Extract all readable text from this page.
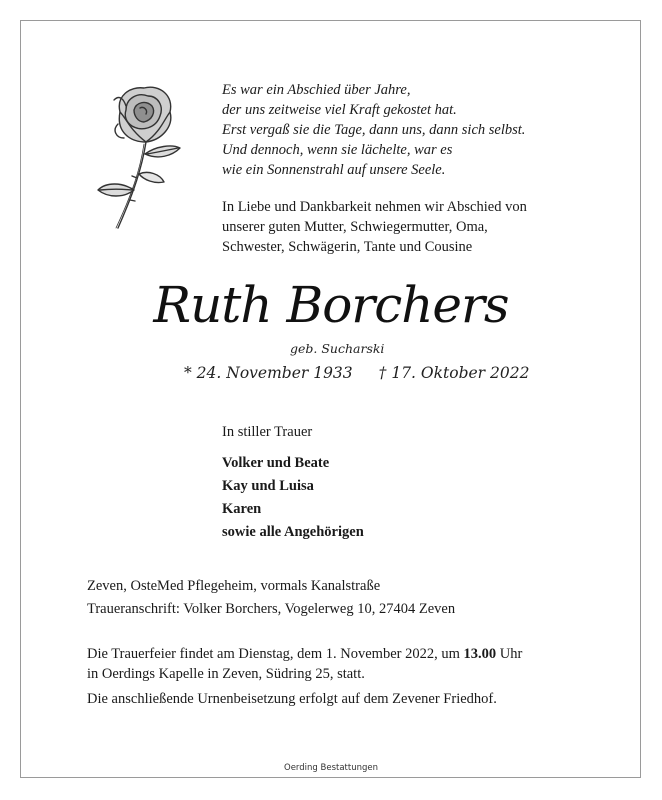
Es war ein Abschied über Jahre,
der uns zeitweise viel Kraft gekostet hat.
Erst vergaß sie die Tage, dann uns, dann sich selbst.
Und dennoch, wenn sie lächelte, war es
wie ein Sonnenstrahl auf unsere Seele.
In Liebe und Dankbarkeit nehmen wir Abschied von
unserer guten Mutter, Schwiegermutter, Oma,
Schwester, Schwägerin, Tante und Cousine
Ruth Borchers
geb. Sucharski
* 24. November 1933 † 17. Oktober 2022
In stiller Trauer
Volker und Beate
Kay und Luisa
Karen
sowie alle Angehörigen
Zeven, OsteMed Pflegeheim, vormals Kanalstraße
Traueranschrift: Volker Borchers, Vogelerweg 10, 27404 Zeven
Die Trauerfeier findet am Dienstag, dem 1. November 2022, um 13.00 Uhr
in Oerdings Kapelle in Zeven, Südring 25, statt.
Die anschließende Urnenbeisetzung erfolgt auf dem Zevener Friedhof.
Oerding Bestattungen
